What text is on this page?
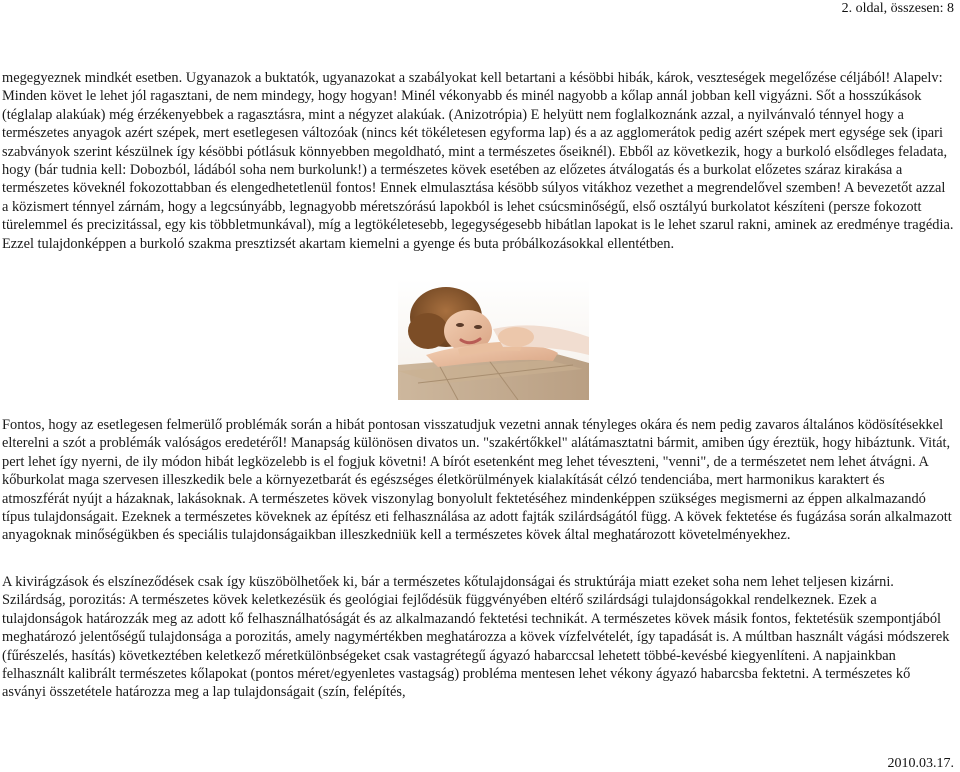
2. oldal, összesen: 8

megegyeznek mindkét esetben. Ugyanazok a buktatók, ugyanazokat a szabályokat kell betartani a késöbbi hibák, károk, veszteségek megelőzése céljából! Alapelv: Minden követ le lehet jól ragasztani, de nem mindegy, hogy hogyan! Minél vékonyabb és minél nagyobb a kőlap annál jobban kell vigyázni. Sőt a hosszúkások (téglalap alakúak) még érzékenyebbek a ragasztásra, mint a négyzet alakúak. (Anizotrópia) E helyütt nem foglalkoznánk azzal, a nyilvánvaló ténnyel hogy a természetes anyagok azért szépek, mert esetlegesen változóak (nincs két tökéletesen egyforma lap) és a az agglomerátok pedig azért szépek mert egysége sek (ipari szabványok szerint készülnek így késöbbi pótlásuk könnyebben megoldható, mint a természetes őseiknél). Ebből az következik, hogy a burkoló elsődleges feladata, hogy (bár tudnia kell: Dobozból, ládából soha nem burkolunk!) a természetes kövek esetében az előzetes átválogatás és a burkolat előzetes száraz kirakása a természetes köveknél fokozottabban és elengedhetetlenül fontos! Ennek elmulasztása késöbb súlyos vitákhoz vezethet a megrendelővel szemben! A bevezetőt azzal a közismert ténnyel zárnám, hogy a legcsúnyább, legnagyobb méretszórású lapokból is lehet csúcsminőségű, első osztályú burkolatot készíteni (persze fokozott türelemmel és precizitással, egy kis többletmunkával), míg a legtökéletesebb, legegységesebb hibátlan lapokat is le lehet szarul rakni, aminek az eredménye tragédia. Ezzel tulajdonképpen a burkoló szakma presztizsét akartam kiemelni a gyenge és buta próbálkozásokkal ellentétben.

Fontos, hogy az esetlegesen felmerülő problémák során a hibát pontosan visszatudjuk vezetni annak tényleges okára és nem pedig zavaros általános ködösítésekkel elterelni a szót a problémák valóságos eredetéről! Manapság különösen divatos un. "szakértőkkel" alátámasztatni bármit, amiben úgy éreztük, hogy hibáztunk. Vitát, pert lehet így nyerni, de ily módon hibát legközelebb is el fogjuk követni! A bírót esetenként meg lehet téveszteni, "venni", de a természetet nem lehet átvágni. A kőburkolat maga szervesen illeszkedik bele a környezetbarát és egészséges életkörülmények kialakítását célzó tendenciába, mert harmonikus karaktert és atmoszférát nyújt a házaknak, lakásoknak. A természetes kövek viszonylag bonyolult fektetéséhez mindenképpen szükséges megismerni az éppen alkalmazandó típus tulajdonságait. Ezeknek a természetes köveknek az építész eti felhasználása az adott fajták szilárdságától függ. A kövek fektetése és fugázása során alkalmazott anyagoknak minőségükben és speciális tulajdonságaikban illeszkedniük kell a természetes kövek által meghatározott követelményekhez.

A kivirágzások és elszíneződések csak így küszöbölhetőek ki, bár a természetes kőtulajdonságai és struktúrája miatt ezeket soha nem lehet teljesen kizárni. Szilárdság, porozitás: A természetes kövek keletkezésük és geológiai fejlődésük függvényében eltérő szilárdsági tulajdonságokkal rendelkeznek. Ezek a tulajdonságok határozzák meg az adott kő felhasználhatóságát és az alkalmazandó fektetési technikát. A természetes kövek másik fontos, fektetésük szempontjából meghatározó jelentőségű tulajdonsága a porozitás, amely nagymértékben meghatározza a kövek vízfelvételét, így tapadását is. A múltban használt vágási módszerek (fűrészelés, hasítás) következtében keletkező méretkülönbségeket csak vastagrétegű ágyazó habarccsal lehetett többé-kevésbé kiegyenlíteni. A napjainkban felhasznált kalibrált természetes kőlapokat (pontos méret/egyenletes vastagság) probléma mentesen lehet vékony ágyazó habarcsba fektetni. A természetes kő asványi összetétele határozza meg a lap tulajdonságait (szín, felépítés,

2010.03.17.
